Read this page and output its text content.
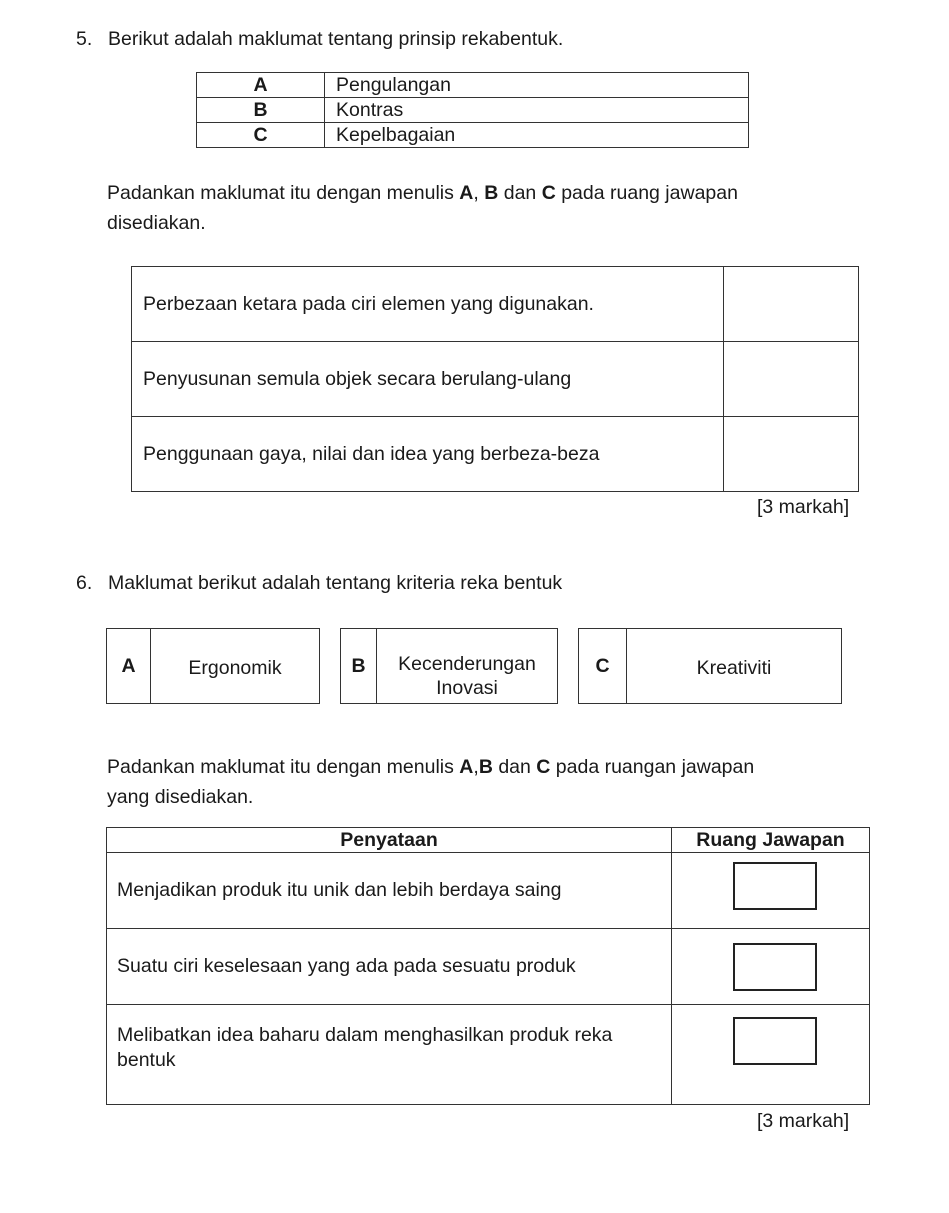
5. Berikut adalah maklumat tentang prinsip rekabentuk.
A	Pengulangan
B	Kontras
C	Kepelbagaian
Padankan maklumat itu dengan menulis A, B dan C pada ruang jawapan
disediakan.
Perbezaan ketara pada ciri elemen yang digunakan.	
Penyusunan semula objek secara berulang-ulang	
Penggunaan gaya, nilai dan idea yang berbeza-beza	
[3 markah]
6. Maklumat berikut adalah tentang kriteria reka bentuk
A	Ergonomik	B	Kecenderungan Inovasi
C	Kreativiti
Padankan maklumat itu dengan menulis A,B dan C pada ruangan jawapan
yang disediakan.
Penyataan	Ruang Jawapan
Menjadikan produk itu unik dan lebih berdaya saing	

Suatu ciri keselesaan yang ada pada sesuatu produk	

Melibatkan idea baharu dalam menghasilkan produk reka bentuk	
[3 markah]
